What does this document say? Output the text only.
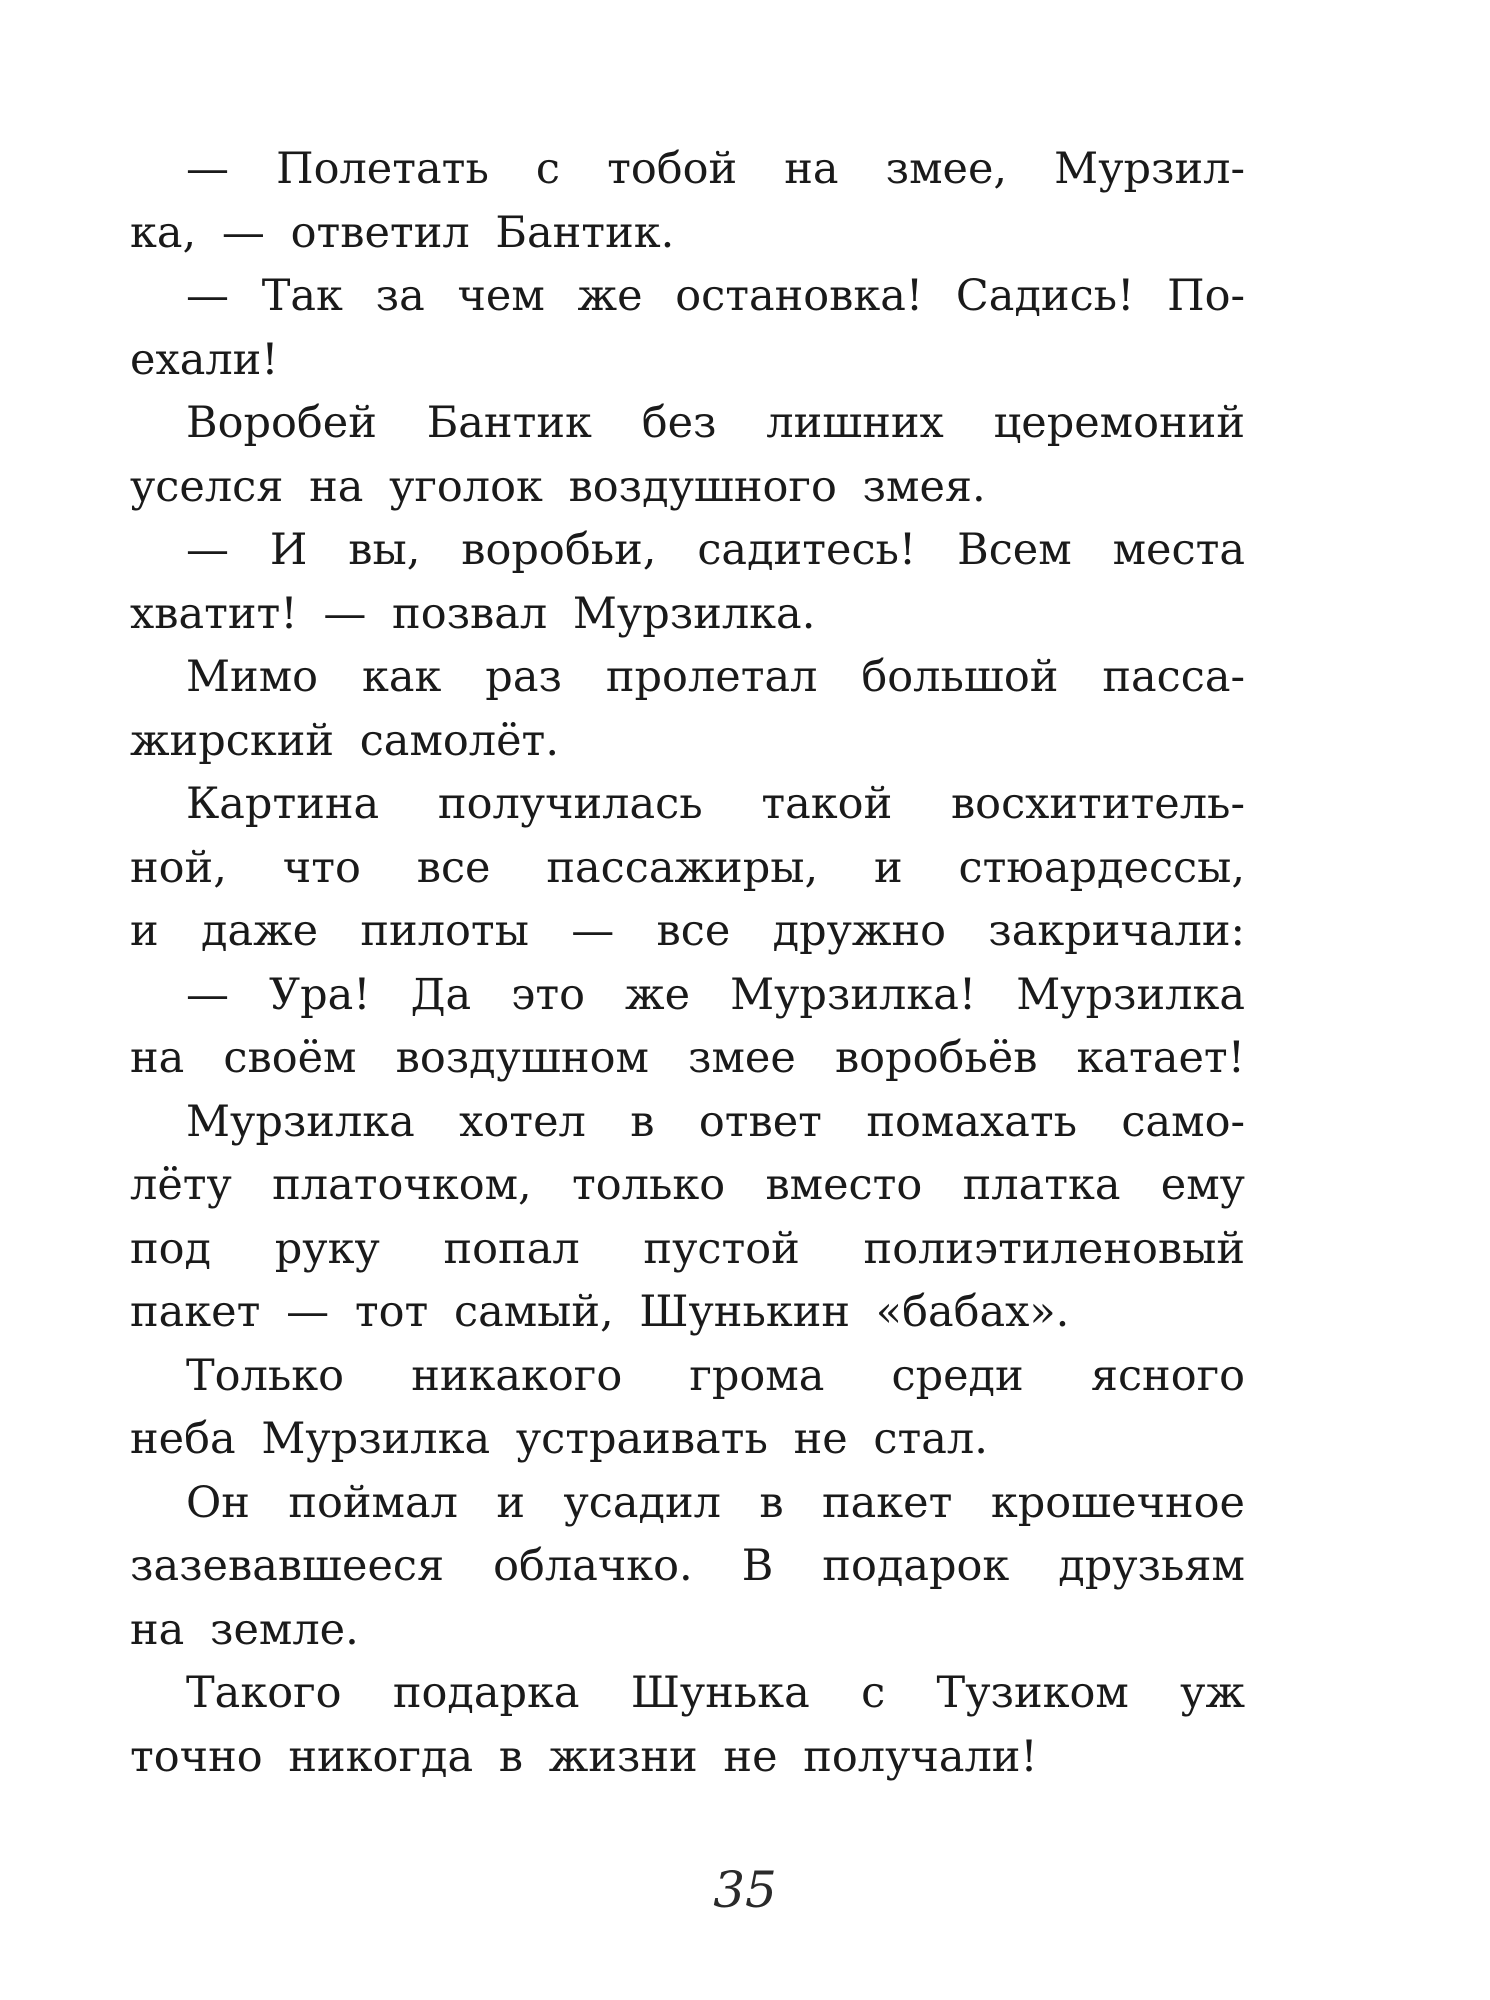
— Полетать с тобой на змее, Мурзил-
ка, — ответил Бантик.
— Так за чем же остановка! Садись! По-
ехали!
Воробей Бантик без лишних церемоний
уселся на уголок воздушного змея.
— И вы, воробьи, садитесь! Всем места
хватит! — позвал Мурзилка.
Мимо как раз пролетал большой пасса-
жирский самолёт.
Картина получилась такой восхититель-
ной, что все пассажиры, и стюардессы,
и даже пилоты — все дружно закричали:
— Ура! Да это же Мурзилка! Мурзилка
на своём воздушном змее воробьёв катает!
Мурзилка хотел в ответ помахать само-
лёту платочком, только вместо платка ему
под руку попал пустой полиэтиленовый
пакет — тот самый, Шунькин «бабах».
Только никакого грома среди ясного
неба Мурзилка устраивать не стал.
Он поймал и усадил в пакет крошечное
зазевавшееся облачко. В подарок друзьям
на земле.
Такого подарка Шунька с Тузиком уж
точно никогда в жизни не получали!
35
